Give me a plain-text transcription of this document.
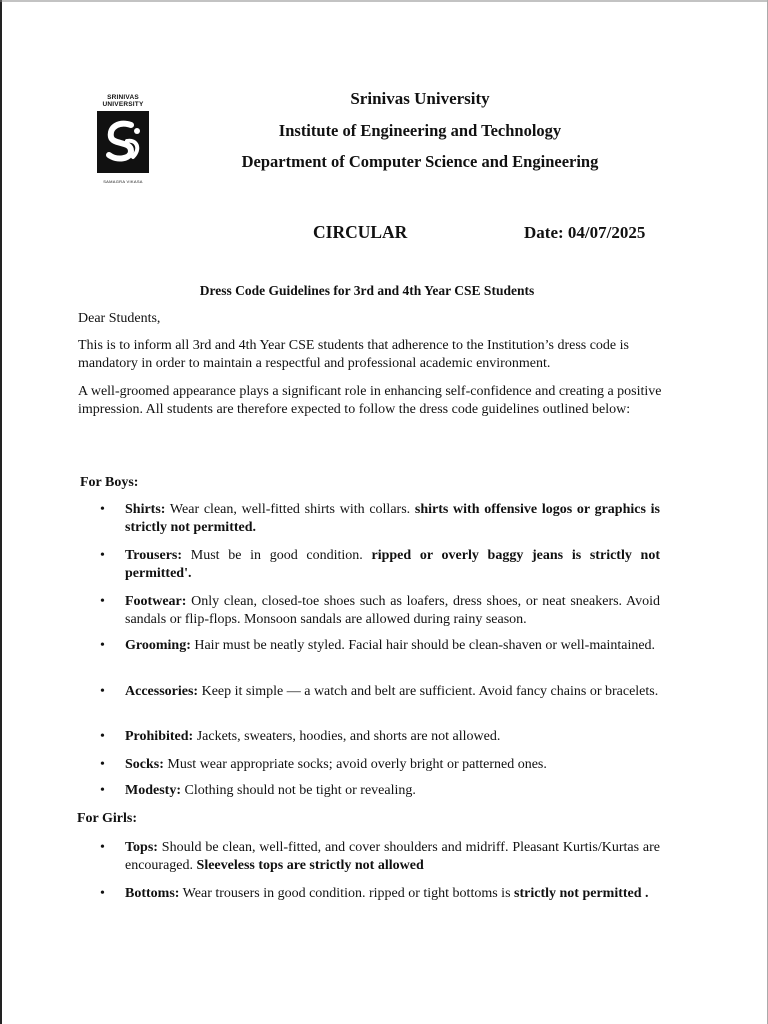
SRINIVAS
UNIVERSITY
SAMAGRA VIKASA
Srinivas University
Institute of Engineering and Technology
Department of Computer Science and Engineering
CIRCULAR	Date: 04/07/2025
Dress Code Guidelines for 3rd and 4th Year CSE Students
Dear Students,
This is to inform all 3rd and 4th Year CSE students that adherence to the Institution’s dress code is mandatory in order to maintain a respectful and professional academic environment.
A well-groomed appearance plays a significant role in enhancing self-confidence and creating a positive impression. All students are therefore expected to follow the dress code guidelines outlined below:
For Boys:
• Shirts: Wear clean, well-fitted shirts with collars. shirts with offensive logos or graphics is strictly not permitted.
• Trousers: Must be in good condition. ripped or overly baggy jeans is strictly not permitted'.
• Footwear: Only clean, closed-toe shoes such as loafers, dress shoes, or neat sneakers. Avoid sandals or flip-flops. Monsoon sandals are allowed during rainy season.
• Grooming: Hair must be neatly styled. Facial hair should be clean-shaven or well-maintained.
• Accessories: Keep it simple — a watch and belt are sufficient. Avoid fancy chains or bracelets.
• Prohibited: Jackets, sweaters, hoodies, and shorts are not allowed.
• Socks: Must wear appropriate socks; avoid overly bright or patterned ones.
• Modesty: Clothing should not be tight or revealing.
For Girls:
• Tops: Should be clean, well-fitted, and cover shoulders and midriff. Pleasant Kurtis/Kurtas are encouraged. Sleeveless tops are strictly not allowed
• Bottoms: Wear trousers in good condition. ripped or tight bottoms is strictly not permitted .
